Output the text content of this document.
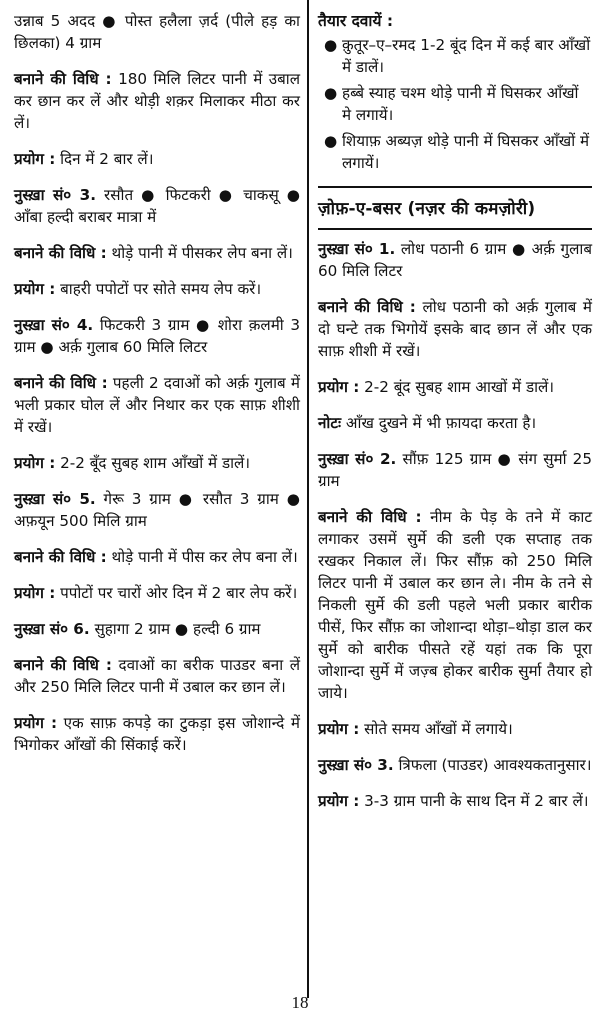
उन्नाब 5 अदद ● पोस्त हलैला ज़र्द (पीले हड़ का छिलका) 4 ग्राम

बनाने की विधि : 180 मिलि लिटर पानी में उबाल कर छान कर लें और थोड़ी शक़र मिलाकर मीठा कर लें।

प्रयोग : दिन में 2 बार लें।

नुस्ख़ा सं० 3. रसौत ● फिटकरी ● चाकसू ● आँबा हल्दी बराबर मात्रा में

बनाने की विधि : थोड़े पानी में पीसकर लेप बना लें।

प्रयोग : बाहरी पपोटों पर सोते समय लेप करें।

नुस्ख़ा सं० 4. फिटकरी 3 ग्राम ● शोरा क़लमी 3 ग्राम ● अर्क़ गुलाब 60 मिलि लिटर

बनाने की विधि : पहली 2 दवाओं को अर्क़ गुलाब में भली प्रकार घोल लें और निथार कर एक साफ़ शीशी में रखें।

प्रयोग : 2-2 बूँद सुबह शाम आँखों में डालें।

नुस्ख़ा सं० 5. गेरू 3 ग्राम ● रसौत 3 ग्राम ● अफ़यून 500 मिलि ग्राम

बनाने की विधि : थोड़े पानी में पीस कर लेप बना लें।

प्रयोग : पपोटों पर चारों ओर दिन में 2 बार लेप करें।

नुस्ख़ा सं० 6. सुहागा 2 ग्राम ● हल्दी 6 ग्राम

बनाने की विधि : दवाओं का बरीक पाउडर बना लें और 250 मिलि लिटर पानी में उबाल कर छान लें।

प्रयोग : एक साफ़ कपड़े का टुकड़ा इस जोशान्दे में भिगोकर आँखों की सिंकाई करें।

तैयार दवायें :

● क़ुतूर–ए–रमद 1-2 बूंद दिन में कई बार आँखों में डालें।
● हब्बे स्याह चश्म थोड़े पानी में घिसकर आँखों मे लगायें।
● शियाफ़ अब्यज़ थोड़े पानी में घिसकर आँखों में लगायें।
ज़ोफ़-ए-बसर (नज़र की कमज़ोरी)

नुस्ख़ा सं० 1. लोध पठानी 6 ग्राम ● अर्क़ गुलाब 60 मिलि लिटर

बनाने की विधि : लोध पठानी को अर्क़ गुलाब में दो घन्टे तक भिगोयें इसके बाद छान लें और एक साफ़ शीशी में रखें।

प्रयोग : 2-2 बूंद सुबह शाम आखों में डालें।

नोटः आँख दुखने में भी फ़ायदा करता है।

नुस्ख़ा सं० 2. सौंफ़ 125 ग्राम ● संग सुर्मा 25 ग्राम

बनाने की विधि : नीम के पेड़ के तने में काट लगाकर उसमें सुर्मे की डली एक सप्ताह तक रखकर निकाल लें। फिर सौंफ़ को 250 मिलि लिटर पानी में उबाल कर छान ले। नीम के तने से निकली सुर्मे की डली पहले भली प्रकार बारीक पीसें, फिर सौंफ़ का जोशान्दा थोड़ा–थोड़ा डाल कर सुर्मे को बारीक पीसते रहें यहां तक कि पूरा जोशान्दा सुर्मे में जज़्ब होकर बारीक सुर्मा तैयार हो जाये।

प्रयोग : सोते समय आँखों में लगाये।

नुस्ख़ा सं० 3. त्रिफला (पाउडर) आवश्यकतानुसार।

प्रयोग : 3-3 ग्राम पानी के साथ दिन में 2 बार लें।

18
